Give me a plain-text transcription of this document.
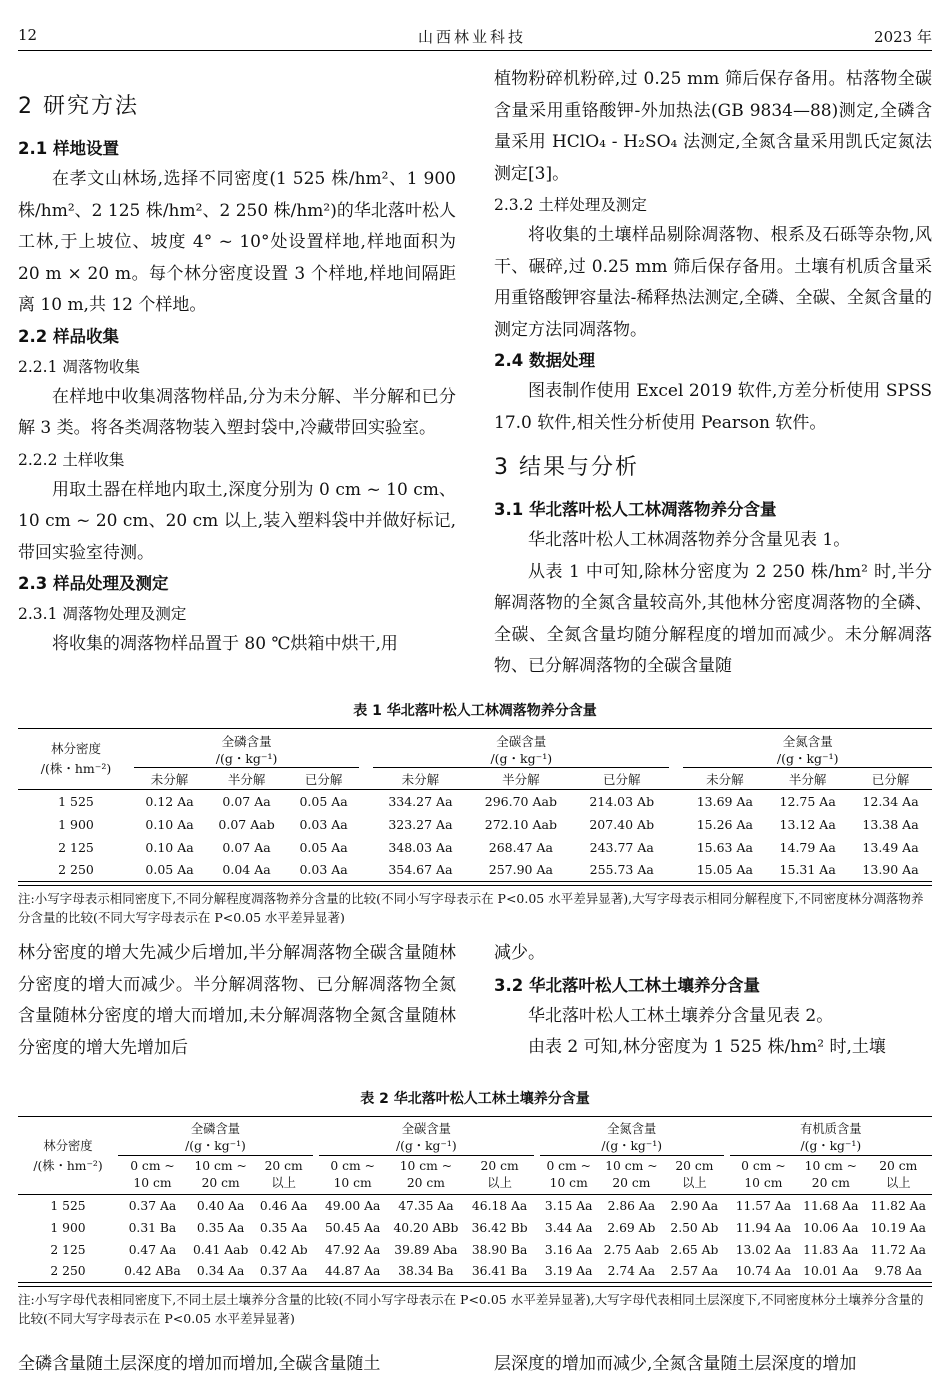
12	山西林业科技	2023 年
2 研究方法
2.1 样地设置

在孝文山林场,选择不同密度(1 525 株/hm²、1 900 株/hm²、2 125 株/hm²、2 250 株/hm²)的华北落叶松人工林,于上坡位、坡度 4° ~ 10°处设置样地,样地面积为 20 m × 20 m。每个林分密度设置 3 个样地,样地间隔距离 10 m,共 12 个样地。

2.2 样品收集
2.2.1 凋落物收集

在样地中收集凋落物样品,分为未分解、半分解和已分解 3 类。将各类凋落物装入塑封袋中,冷藏带回实验室。

2.2.2 土样收集

用取土器在样地内取土,深度分别为 0 cm ~ 10 cm、10 cm ~ 20 cm、20 cm 以上,装入塑料袋中并做好标记,带回实验室待测。

2.3 样品处理及测定
2.3.1 凋落物处理及测定

将收集的凋落物样品置于 80 ℃烘箱中烘干,用

植物粉碎机粉碎,过 0.25 mm 筛后保存备用。枯落物全碳含量采用重铬酸钾-外加热法(GB 9834—88)测定,全磷含量采用 HClO₄ - H₂SO₄ 法测定,全氮含量采用凯氏定氮法测定[3]。

2.3.2 土样处理及测定

将收集的土壤样品剔除凋落物、根系及石砾等杂物,风干、碾碎,过 0.25 mm 筛后保存备用。土壤有机质含量采用重铬酸钾容量法-稀释热法测定,全磷、全碳、全氮含量的测定方法同凋落物。

2.4 数据处理

图表制作使用 Excel 2019 软件,方差分析使用 SPSS 17.0 软件,相关性分析使用 Pearson 软件。

3 结果与分析
3.1 华北落叶松人工林凋落物养分含量

华北落叶松人工林凋落物养分含量见表 1。

从表 1 中可知,除林分密度为 2 250 株/hm² 时,半分解凋落物的全氮含量较高外,其他林分密度凋落物的全磷、全碳、全氮含量均随分解程度的增加而减少。未分解凋落物、已分解凋落物的全碳含量随

表 1 华北落叶松人工林凋落物养分含量
林分密度
/(株・hm⁻²)	全磷含量
/(g・kg⁻¹)				全碳含量
/(g・kg⁻¹)				全氮含量
/(g・kg⁻¹)		
	未分解	半分解	已分解		未分解	半分解	已分解		未分解	半分解	已分解
1 525	0.12 Aa	0.07 Aa	0.05 Aa		334.27 Aa	296.70 Aab	214.03 Ab		13.69 Aa	12.75 Aa	12.34 Aa
1 900	0.10 Aa	0.07 Aab	0.03 Aa		323.27 Aa	272.10 Aab	207.40 Ab		15.26 Aa	13.12 Aa	13.38 Aa
2 125	0.10 Aa	0.07 Aa	0.05 Aa		348.03 Aa	268.47 Aa	243.77 Aa		15.63 Aa	14.79 Aa	13.49 Aa
2 250	0.05 Aa	0.04 Aa	0.03 Aa		354.67 Aa	257.90 Aa	255.73 Aa		15.05 Aa	15.31 Aa	13.90 Aa
注:小写字母表示相同密度下,不同分解程度凋落物养分含量的比较(不同小写字母表示在 P<0.05 水平差异显著),大写字母表示相同分解程度下,不同密度林分凋落物养分含量的比较(不同大写字母表示在 P<0.05 水平差异显著)

林分密度的增大先减少后增加,半分解凋落物全碳含量随林分密度的增大而减少。半分解凋落物、已分解凋落物全氮含量随林分密度的增大而增加,未分解凋落物全氮含量随林分密度的增大先增加后

减少。

3.2 华北落叶松人工林土壤养分含量

华北落叶松人工林土壤养分含量见表 2。

由表 2 可知,林分密度为 1 525 株/hm² 时,土壤

表 2 华北落叶松人工林土壤养分含量
林分密度
/(株・hm⁻²)	全磷含量
/(g・kg⁻¹)				全碳含量
/(g・kg⁻¹)				全氮含量
/(g・kg⁻¹)				有机质含量
/(g・kg⁻¹)		
	0 cm ~
10 cm	10 cm ~
20 cm	20 cm
以上		0 cm ~
10 cm	10 cm ~
20 cm	20 cm
以上		0 cm ~
10 cm	10 cm ~
20 cm	20 cm
以上		0 cm ~
10 cm	10 cm ~
20 cm	20 cm
以上
1 525	0.37 Aa	0.40 Aa	0.46 Aa		49.00 Aa	47.35 Aa	46.18 Aa		3.15 Aa	2.86 Aa	2.90 Aa		11.57 Aa	11.68 Aa	11.82 Aa
1 900	0.31 Ba	0.35 Aa	0.35 Aa		50.45 Aa	40.20 ABb	36.42 Bb		3.44 Aa	2.69 Ab	2.50 Ab		11.94 Aa	10.06 Aa	10.19 Aa
2 125	0.47 Aa	0.41 Aab	0.42 Ab		47.92 Aa	39.89 Aba	38.90 Ba		3.16 Aa	2.75 Aab	2.65 Ab		13.02 Aa	11.83 Aa	11.72 Aa
2 250	0.42 ABa	0.34 Aa	0.37 Aa		44.87 Aa	38.34 Ba	36.41 Ba		3.19 Aa	2.74 Aa	2.57 Aa		10.74 Aa	10.01 Aa	9.78 Aa
注:小写字母代表相同密度下,不同土层土壤养分含量的比较(不同小写字母表示在 P<0.05 水平差异显著),大写字母代表相同土层深度下,不同密度林分土壤养分含量的比较(不同大写字母表示在 P<0.05 水平差异显著)

全磷含量随土层深度的增加而增加,全碳含量随土	层深度的增加而减少,全氮含量随土层深度的增加
